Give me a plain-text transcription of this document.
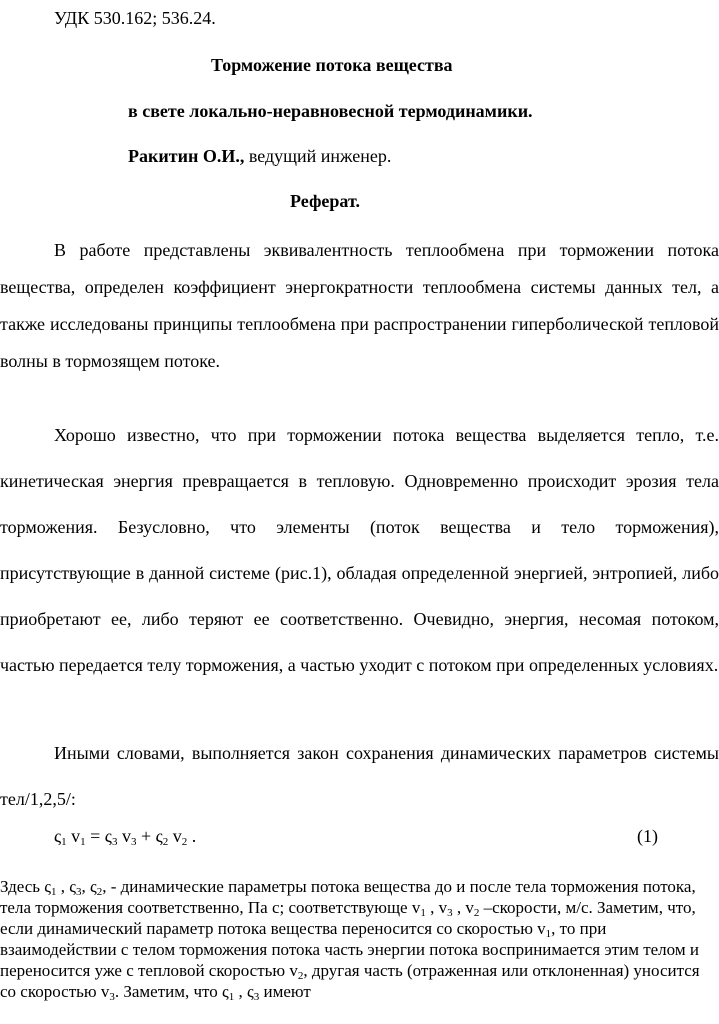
УДК 530.162; 536.24.
Торможение потока вещества
в свете локально-неравновесной термодинамики.
Ракитин О.И., ведущий инженер.
Реферат.
В работе представлены эквивалентность теплообмена при торможении потока вещества, определен коэффициент энергократности теплообмена системы данных тел, а также исследованы принципы теплообмена при распространении гиперболической тепловой волны в тормозящем потоке.
Хорошо известно, что при торможении потока вещества выделяется тепло, т.е. кинетическая энергия превращается в тепловую. Одновременно происходит эрозия тела торможения. Безусловно, что элементы (поток вещества и тело торможения), присутствующие в данной системе (рис.1), обладая определенной энергией, энтропией, либо приобретают ее, либо теряют ее соответственно. Очевидно, энергия, несомая потоком, частью передается телу торможения, а частью уходит с потоком при определенных условиях.
Иными словами, выполняется закон сохранения динамических параметров системы тел/1,2,5/:
$\varsigma_1$ $v_1 = \varsigma_3$ $v_3 + \varsigma_2$ $v_2$ .	(1)
Здесь $\varsigma_1$ , $\varsigma_3$, $\varsigma_2$, - динамические параметры потока вещества до и после тела торможения потока, тела торможения соответственно, Па с; соответствующе $v_1$ , $v_3$ , $v_2$ –скорости, м/с. Заметим, что, если динамический параметр потока вещества переносится со скоростью $v_1$, то при взаимодействии с телом торможения потока часть энергии потока воспринимается этим телом и переносится уже с тепловой скоростью $v_2$, другая часть (отраженная или отклоненная) уносится со скоростью $v_3$. Заметим, что $\varsigma_1$ , $\varsigma_3$ имеют
